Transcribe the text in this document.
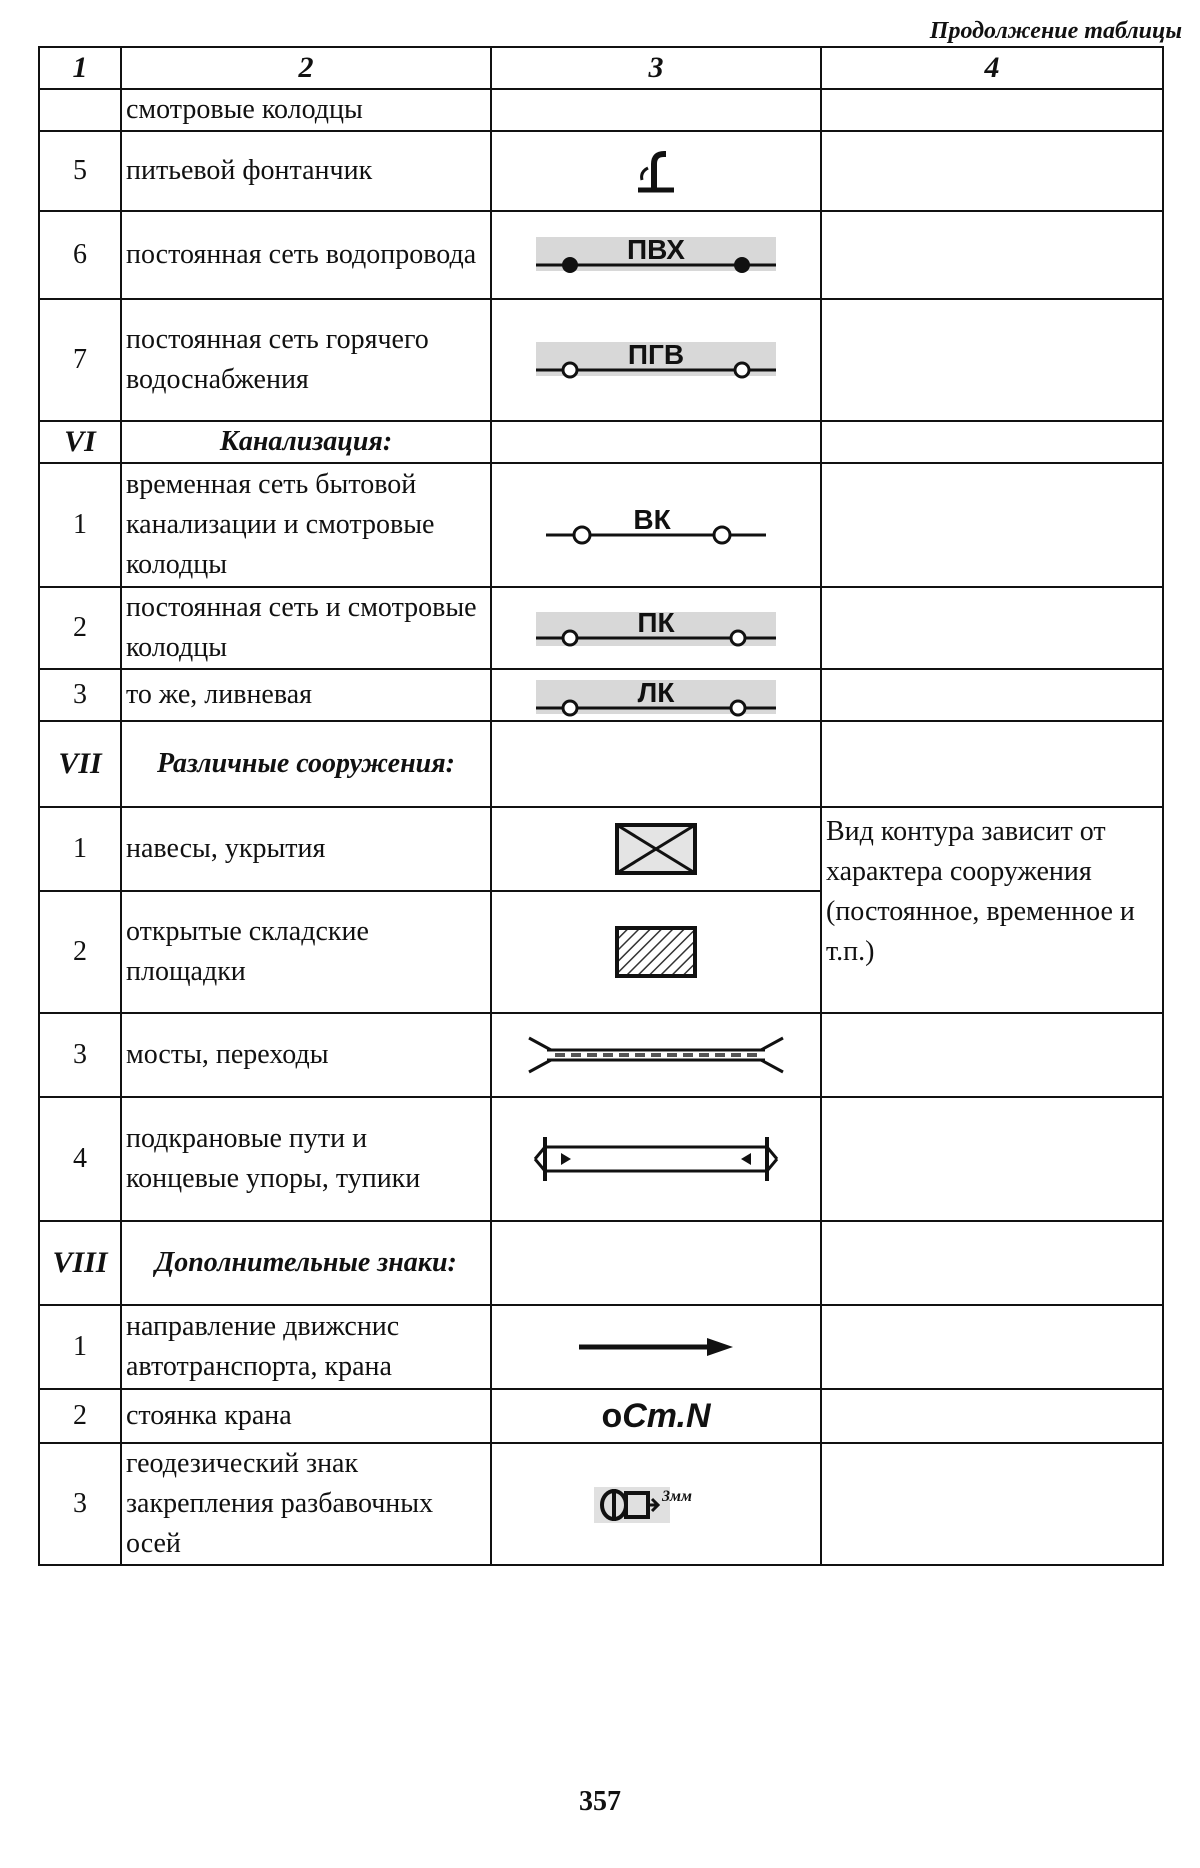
Продолжение таблицы
1	2	3	4
	смотровые колодцы		
5	питьевой фонтанчик	

6	постоянная сеть водопровода	ПВХ	

7	постоянная сеть горячего водоснабжения	ПГВ	

VI	Канализация:		
1	временная сеть бытовой канализации и смотровые колодцы	ВК	

2	постоянная сеть и смотровые колодцы	ПК	

3	то же, ливневая	ЛК	

VII	Различные сооружения:		
1	навесы, укрытия		Вид контура зависит от характера сооружения (постоянное, временное и т.п.)
2	открытые складские площадки	

3	мосты, переходы	

4	подкрановые пути и концевые упоры, тупики	

VIII	Дополнительные знаки:		
1	направление движснис автотранспорта, крана	

2	стоянка крана	оСт.N	
3	геодезический знак закрепления разбавочных осей	3мм	

357
